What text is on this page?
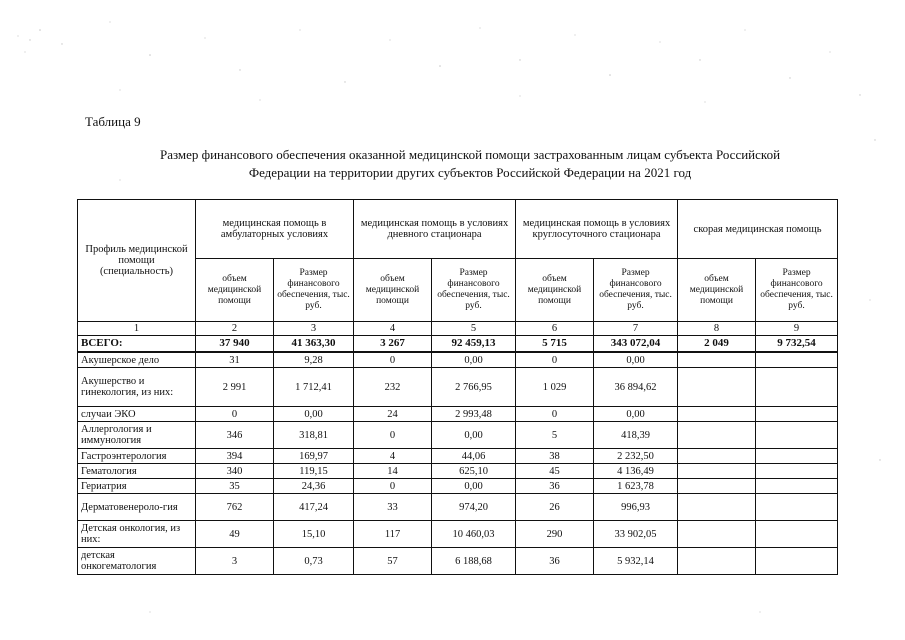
Таблица 9
Размер финансового обеспечения оказанной медицинской помощи застрахованным лицам субъекта Российской
Федерации на территории других субъектов Российской Федерации на 2021 год
Профиль медицинской помощи (специальность)	медицинская помощь в амбулаторных условиях		медицинская помощь в условиях дневного стационара		медицинская помощь в условиях круглосуточного стационара		скорая медицинская помощь	
	объем медицинской помощи	Размер финансового обеспечения, тыс. руб.	объем медицинской помощи	Размер финансового обеспечения, тыс. руб.	объем медицинской помощи	Размер финансового обеспечения, тыс. руб.	объем медицинской помощи	Размер финансового обеспечения, тыс. руб.
1	2	3	4	5	6	7	8	9
ВСЕГО:	37 940	41 363,30	3 267	92 459,13	5 715	343 072,04	2 049	9 732,54
Акушерское дело	31	9,28	0	0,00	0	0,00		
Акушерство и гинекология, из них:	2 991	1 712,41	232	2 766,95	1 029	36 894,62		
случаи ЭКО	0	0,00	24	2 993,48	0	0,00		
Аллергология и иммунология	346	318,81	0	0,00	5	418,39		
Гастроэнтерология	394	169,97	4	44,06	38	2 232,50		
Гематология	340	119,15	14	625,10	45	4 136,49		
Гериатрия	35	24,36	0	0,00	36	1 623,78		
Дерматовенероло-гия	762	417,24	33	974,20	26	996,93		
Детская онкология, из них:	49	15,10	117	10 460,03	290	33 902,05		
детская онкогематология	3	0,73	57	6 188,68	36	5 932,14		
